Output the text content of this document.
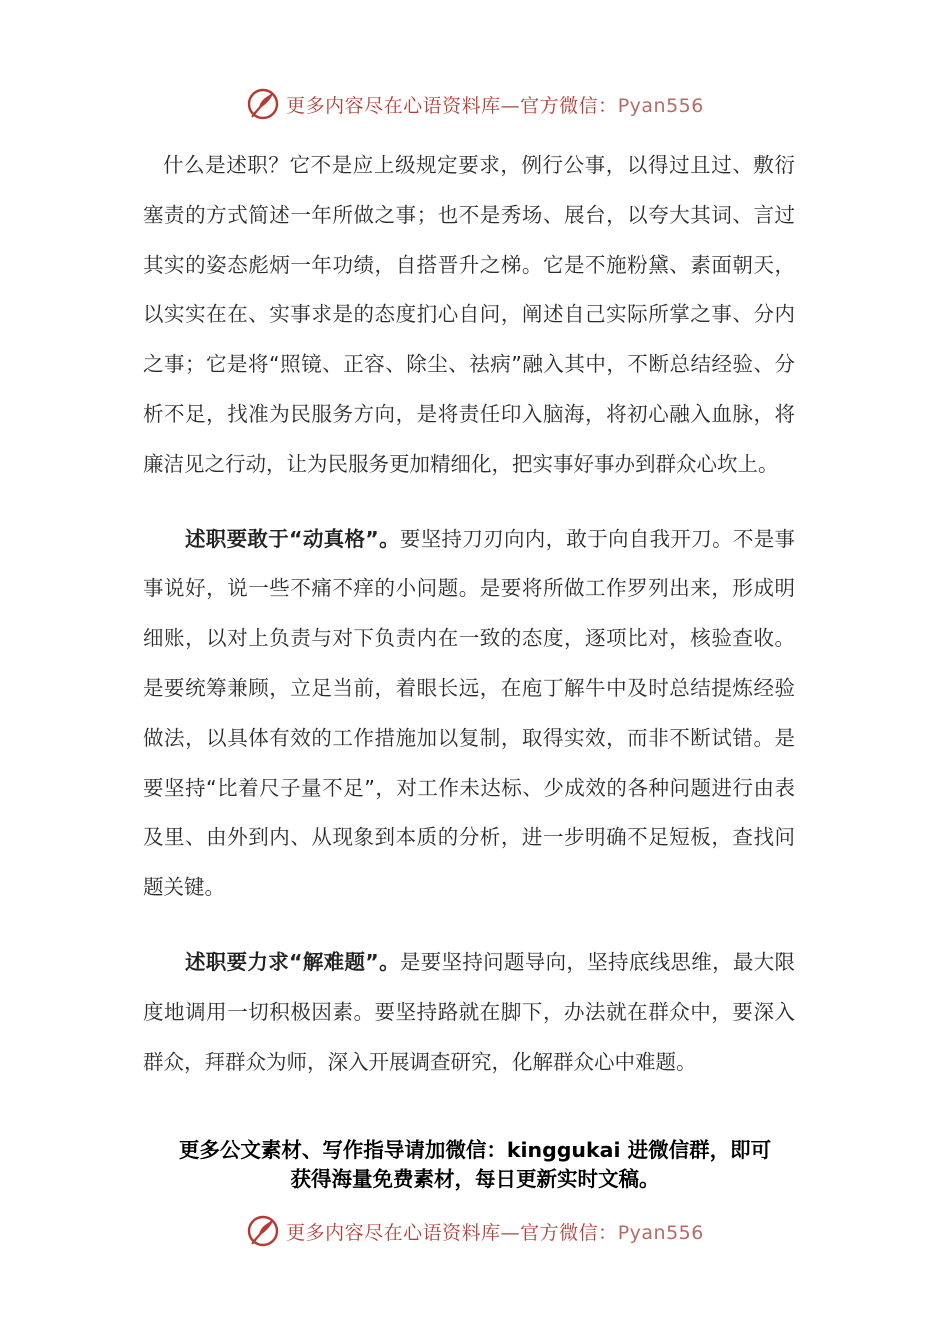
更多内容尽在心语资料库—官方微信：Pyan556

什么是述职？它不是应上级规定要求，例行公事，以得过且过、敷衍塞责的方式简述一年所做之事；也不是秀场、展台，以夸大其词、言过其实的姿态彪炳一年功绩，自搭晋升之梯。它是不施粉黛、素面朝天，以实实在在、实事求是的态度扪心自问，阐述自己实际所掌之事、分内之事；它是将“照镜、正容、除尘、祛病”融入其中，不断总结经验、分析不足，找准为民服务方向，是将责任印入脑海，将初心融入血脉，将廉洁见之行动，让为民服务更加精细化，把实事好事办到群众心坎上。

述职要敢于“动真格”。要坚持刀刃向内，敢于向自我开刀。不是事事说好，说一些不痛不痒的小问题。是要将所做工作罗列出来，形成明细账，以对上负责与对下负责内在一致的态度，逐项比对，核验查收。是要统筹兼顾，立足当前，着眼长远，在庖丁解牛中及时总结提炼经验做法，以具体有效的工作措施加以复制，取得实效，而非不断试错。是要坚持“比着尺子量不足”，对工作未达标、少成效的各种问题进行由表及里、由外到内、从现象到本质的分析，进一步明确不足短板，查找问题关键。

述职要力求“解难题”。是要坚持问题导向，坚持底线思维，最大限度地调用一切积极因素。要坚持路就在脚下，办法就在群众中，要深入群众，拜群众为师，深入开展调查研究，化解群众心中难题。

更多公文素材、写作指导请加微信：kinggukai 进微信群，即可
获得海量免费素材，每日更新实时文稿。
更多内容尽在心语资料库—官方微信：Pyan556
